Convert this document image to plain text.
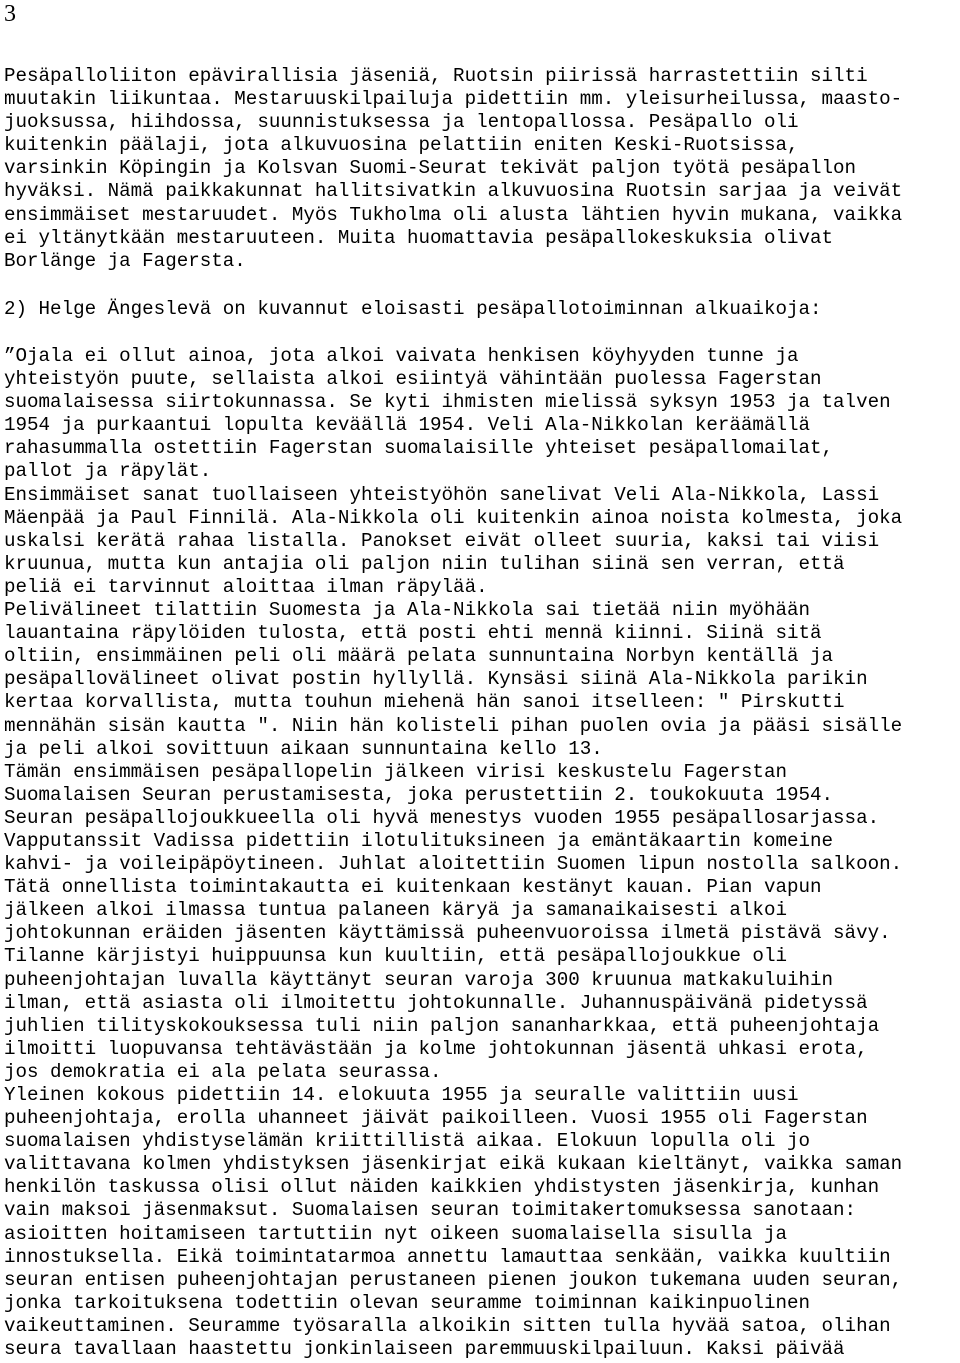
3
Pesäpalloliiton epävirallisia jäseniä, Ruotsin piirissä harrastettiin silti
muutakin liikuntaa. Mestaruuskilpailuja pidettiin mm. yleisurheilussa, maasto-
juoksussa, hiihdossa, suunnistuksessa ja lentopallossa. Pesäpallo oli
kuitenkin päälaji, jota alkuvuosina pelattiin eniten Keski-Ruotsissa,
varsinkin Köpingin ja Kolsvan Suomi-Seurat tekivät paljon työtä pesäpallon
hyväksi. Nämä paikkakunnat hallitsivatkin alkuvuosina Ruotsin sarjaa ja veivät
ensimmäiset mestaruudet. Myös Tukholma oli alusta lähtien hyvin mukana, vaikka
ei yltänytkään mestaruuteen. Muita huomattavia pesäpallokeskuksia olivat
Borlänge ja Fagersta.
2) Helge Ängeslevä on kuvannut eloisasti pesäpallotoiminnan alkuaikoja:
”Ojala ei ollut ainoa, jota alkoi vaivata henkisen köyhyyden tunne ja
yhteistyön puute, sellaista alkoi esiintyä vähintään puolessa Fagerstan
suomalaisessa siirtokunnassa. Se kyti ihmisten mielissä syksyn 1953 ja talven
1954 ja purkaantui lopulta keväällä 1954. Veli Ala-Nikkolan keräämällä
rahasummalla ostettiin Fagerstan suomalaisille yhteiset pesäpallomailat,
pallot ja räpylät.
Ensimmäiset sanat tuollaiseen yhteistyöhön sanelivat Veli Ala-Nikkola, Lassi
Mäenpää ja Paul Finnilä. Ala-Nikkola oli kuitenkin ainoa noista kolmesta, joka
uskalsi kerätä rahaa listalla. Panokset eivät olleet suuria, kaksi tai viisi
kruunua, mutta kun antajia oli paljon niin tulihan siinä sen verran, että
peliä ei tarvinnut aloittaa ilman räpylää.
Pelivälineet tilattiin Suomesta ja Ala-Nikkola sai tietää niin myöhään
lauantaina räpylöiden tulosta, että posti ehti mennä kiinni. Siinä sitä
oltiin, ensimmäinen peli oli määrä pelata sunnuntaina Norbyn kentällä ja
pesäpallovälineet olivat postin hyllyllä. Kynsäsi siinä Ala-Nikkola parikin
kertaa korvallista, mutta touhun miehenä hän sanoi itselleen: " Pirskutti
mennähän sisän kautta ". Niin hän kolisteli pihan puolen ovia ja pääsi sisälle
ja peli alkoi sovittuun aikaan sunnuntaina kello 13.
Tämän ensimmäisen pesäpallopelin jälkeen virisi keskustelu Fagerstan
Suomalaisen Seuran perustamisesta, joka perustettiin 2. toukokuuta 1954.
Seuran pesäpallojoukkueella oli hyvä menestys vuoden 1955 pesäpallosarjassa.
Vapputanssit Vadissa pidettiin ilotulituksineen ja emäntäkaartin komeine
kahvi- ja voileipäpöytineen. Juhlat aloitettiin Suomen lipun nostolla salkoon.
Tätä onnellista toimintakautta ei kuitenkaan kestänyt kauan. Pian vapun
jälkeen alkoi ilmassa tuntua palaneen käryä ja samanaikaisesti alkoi
johtokunnan eräiden jäsenten käyttämissä puheenvuoroissa ilmetä pistävä sävy.
Tilanne kärjistyi huippuunsa kun kuultiin, että pesäpallojoukkue oli
puheenjohtajan luvalla käyttänyt seuran varoja 300 kruunua matkakuluihin
ilman, että asiasta oli ilmoitettu johtokunnalle. Juhannuspäivänä pidetyssä
juhlien tilityskokouksessa tuli niin paljon sananharkkaa, että puheenjohtaja
ilmoitti luopuvansa tehtävästään ja kolme johtokunnan jäsentä uhkasi erota,
jos demokratia ei ala pelata seurassa.
Yleinen kokous pidettiin 14. elokuuta 1955 ja seuralle valittiin uusi
puheenjohtaja, erolla uhanneet jäivät paikoilleen. Vuosi 1955 oli Fagerstan
suomalaisen yhdistyselämän kriittillistä aikaa. Elokuun lopulla oli jo
valittavana kolmen yhdistyksen jäsenkirjat eikä kukaan kieltänyt, vaikka saman
henkilön taskussa olisi ollut näiden kaikkien yhdistysten jäsenkirja, kunhan
vain maksoi jäsenmaksut. Suomalaisen seuran toimitakertomuksessa sanotaan:
asioitten hoitamiseen tartuttiin nyt oikeen suomalaisella sisulla ja
innostuksella. Eikä toimintatarmoa annettu lamauttaa senkään, vaikka kuultiin
seuran entisen puheenjohtajan perustaneen pienen joukon tukemana uuden seuran,
jonka tarkoituksena todettiin olevan seuramme toiminnan kaikinpuolinen
vaikeuttaminen. Seuramme työsaralla alkoikin sitten tulla hyvää satoa, olihan
seura tavallaan haastettu jonkinlaiseen paremmuuskilpailuun. Kaksi päivää
